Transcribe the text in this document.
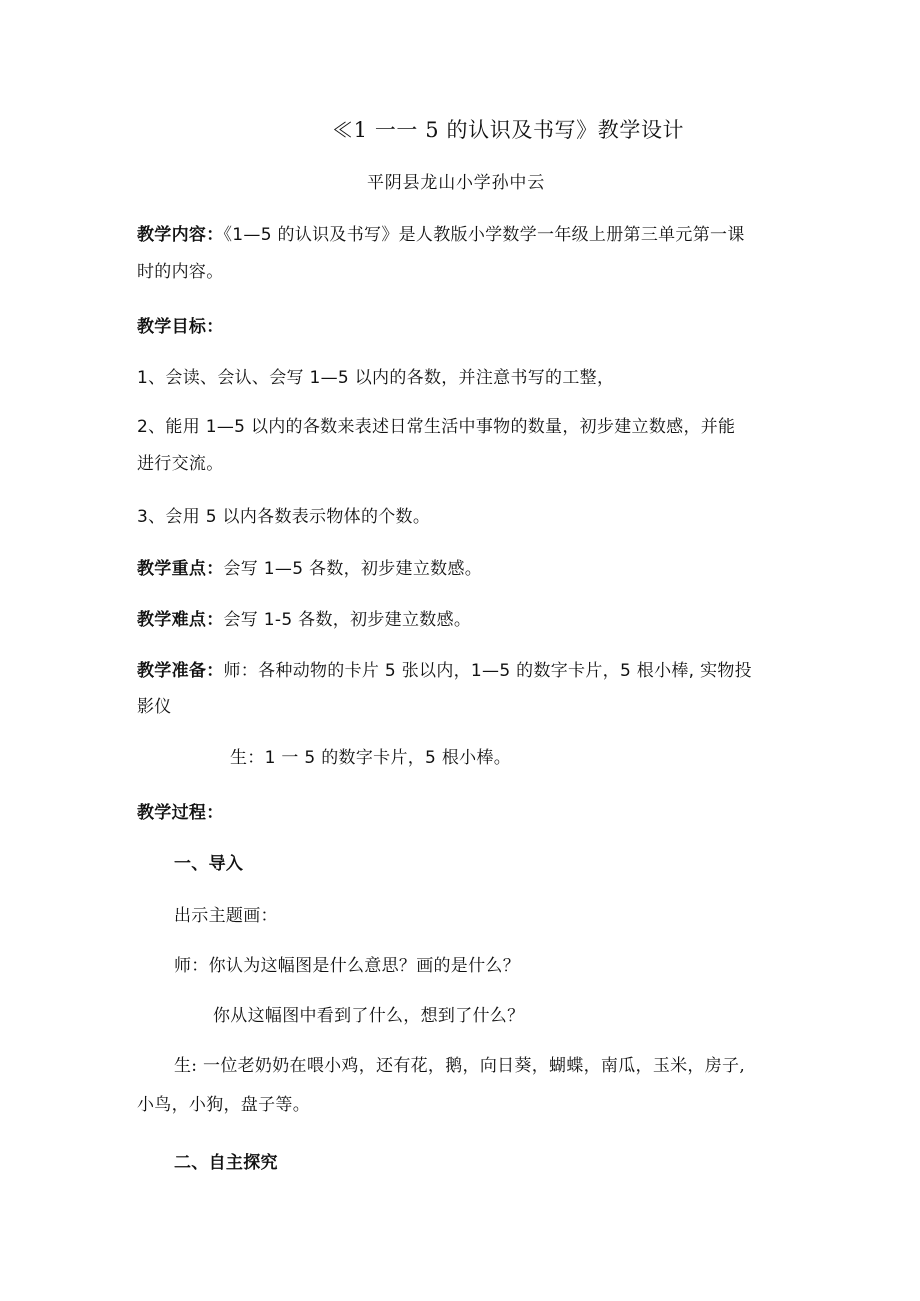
≪1 一一 5 的认识及书写》教学设计
平阴县龙山小学孙中云
教学内容：《1—5 的认识及书写》是人教版小学数学一年级上册第三单元第一课
时的内容。
教学目标：
1、会读、会认、会写 1—5 以内的各数，并注意书写的工整，
2、能用 1—5 以内的各数来表述日常生活中事物的数量，初步建立数感，并能
进行交流。
3、会用 5 以内各数表示物体的个数。
教学重点：会写 1—5 各数，初步建立数感。
教学难点：会写 1-5 各数，初步建立数感。
教学准备：师：各种动物的卡片 5 张以内，1—5 的数字卡片，5 根小棒, 实物投
影仪
生：1 一 5 的数字卡片，5 根小棒。
教学过程：
一、导入
出示主题画：
师：你认为这幅图是什么意思？画的是什么？
你从这幅图中看到了什么，想到了什么？
生: 一位老奶奶在喂小鸡，还有花，鹅，向日葵，蝴蝶，南瓜，玉米，房子,
小鸟，小狗，盘子等。
二、自主探究
